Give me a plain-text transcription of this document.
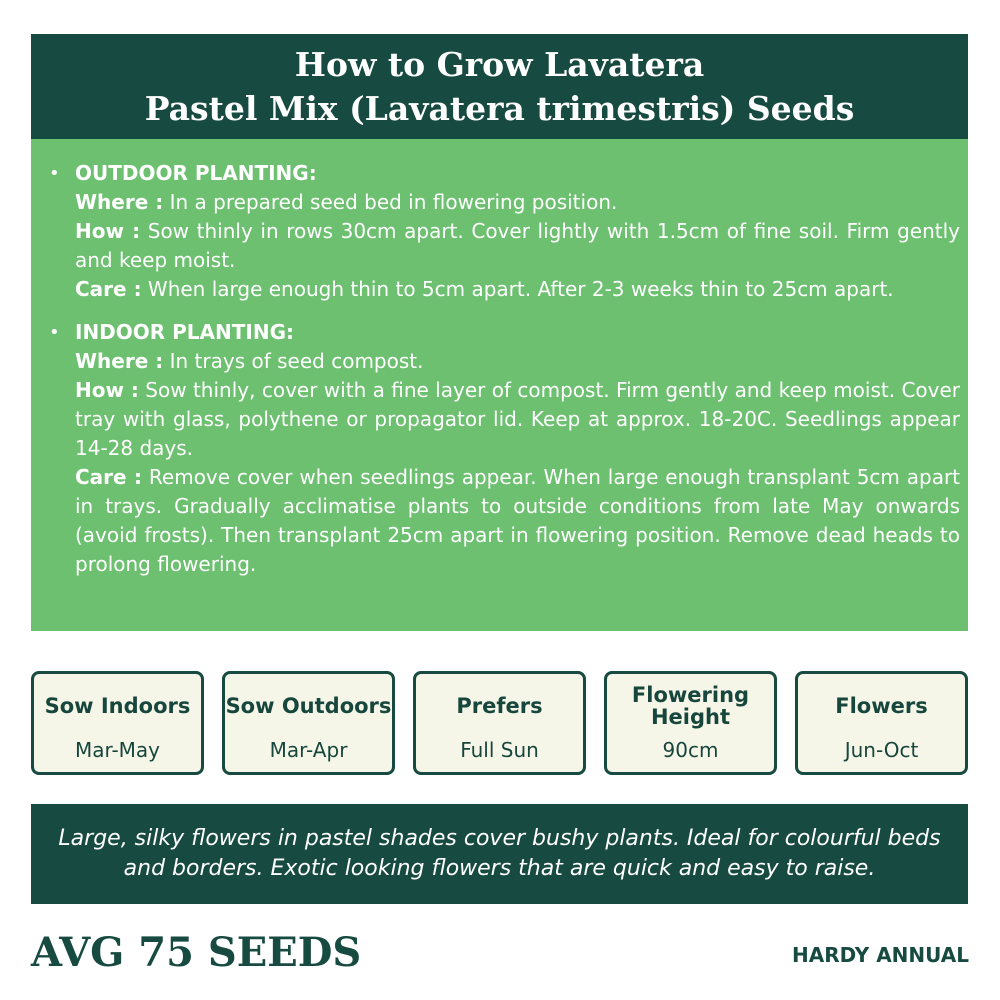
How to Grow Lavatera
Pastel Mix (Lavatera trimestris) Seeds
• OUTDOOR PLANTING:
Where : In a prepared seed bed in flowering position.
How : Sow thinly in rows 30cm apart. Cover lightly with 1.5cm of fine soil. Firm gently and keep moist.
Care : When large enough thin to 5cm apart. After 2-3 weeks thin to 25cm apart.
• INDOOR PLANTING:
Where : In trays of seed compost.
How : Sow thinly, cover with a fine layer of compost. Firm gently and keep moist. Cover tray with glass, polythene or propagator lid. Keep at approx. 18-20C. Seedlings appear 14-28 days.
Care : Remove cover when seedlings appear. When large enough transplant 5cm apart in trays. Gradually acclimatise plants to outside conditions from late May onwards (avoid frosts). Then transplant 25cm apart in flowering position. Remove dead heads to prolong flowering.
Sow Indoors
Mar-May
Sow Outdoors
Mar-Apr
Prefers
Full Sun
Flowering Height
90cm
Flowers
Jun-Oct
Large, silky flowers in pastel shades cover bushy plants. Ideal for colourful beds and borders. Exotic looking flowers that are quick and easy to raise.
AVG 75 SEEDS	HARDY ANNUAL
